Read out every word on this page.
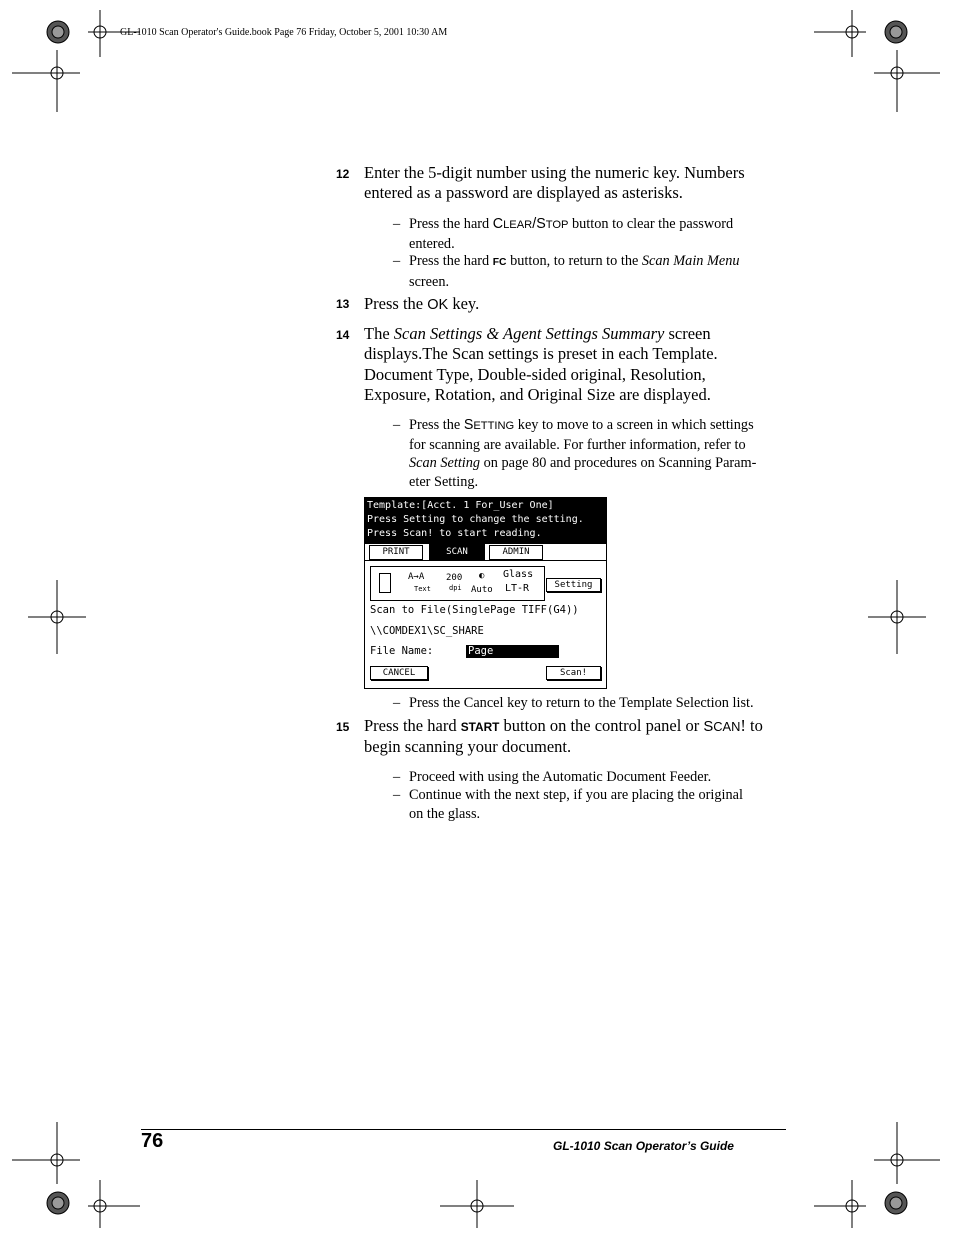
GL-1010 Scan Operator's Guide.book Page 76 Friday, October 5, 2001 10:30 AM
12 Enter the 5-digit number using the numeric key. Numbers
entered as a password are displayed as asterisks.
– Press the hard CLEAR/STOP button to clear the password
entered.
– Press the hard FC button, to return to the Scan Main Menu
screen.
13 Press the OK key.
14 The Scan Settings & Agent Settings Summary screen
displays.The Scan settings is preset in each Template.
Document Type, Double-sided original, Resolution,
Exposure, Rotation, and Original Size are displayed.
– Press the SETTING key to move to a screen in which settings
for scanning are available. For further information, refer to
Scan Setting on page 80 and procedures on Scanning Param-
eter Setting.
Template:[Acct. 1 For_User One]
Press Setting to change the setting.
Press Scan! to start reading.
PRINT	SCAN	ADMIN
A→A
Text
200
dpi
◐
Auto
Glass
LT-R	Setting
Scan to File(SinglePage TIFF(G4))
\\COMDEX1\SC_SHARE
File Name:	Page
CANCEL	Scan!
– Press the Cancel key to return to the Template Selection list.
15 Press the hard START button on the control panel or SCAN! to
begin scanning your document.
– Proceed with using the Automatic Document Feeder.
– Continue with the next step, if you are placing the original
on the glass.
76	GL-1010 Scan Operator’s Guide
